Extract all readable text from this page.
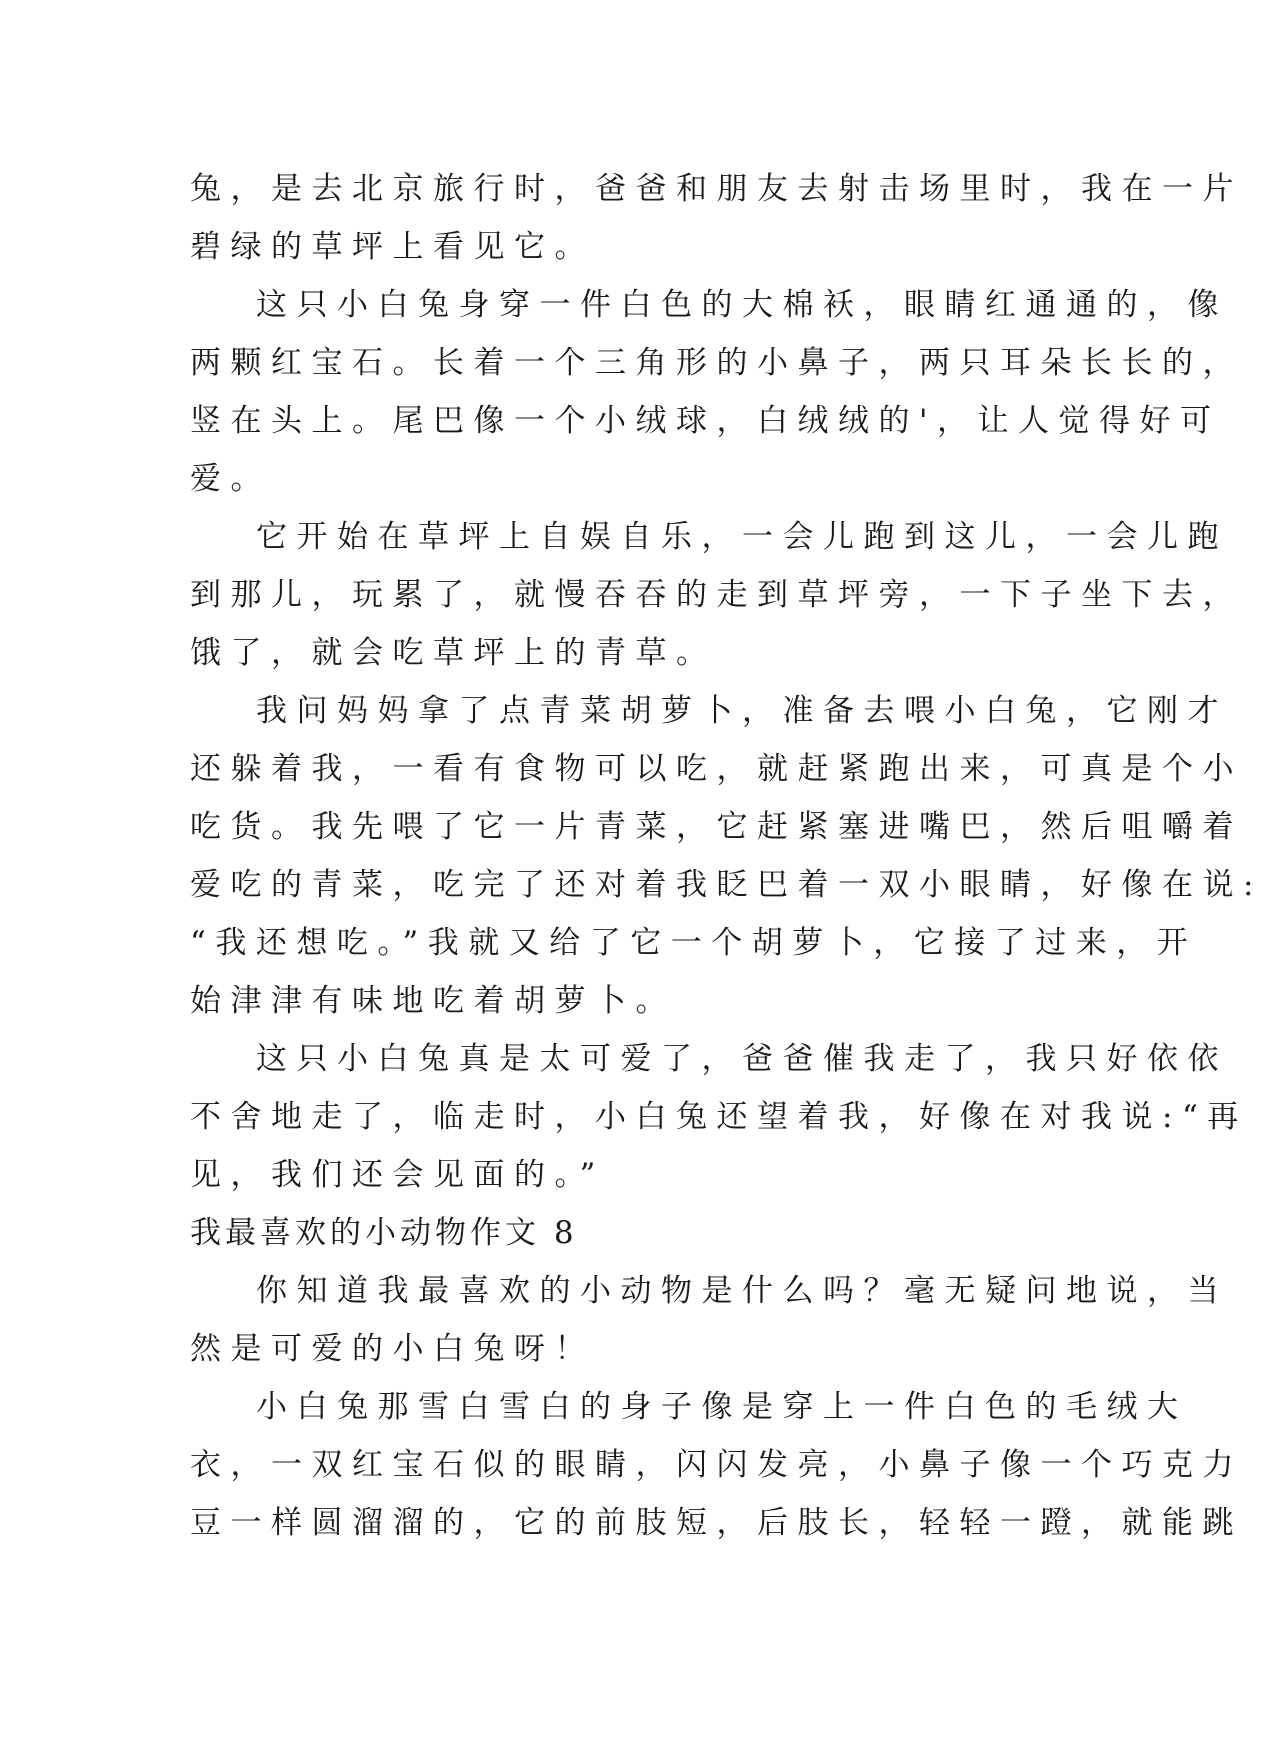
兔，是去北京旅行时，爸爸和朋友去射击场里时，我在一片
碧绿的草坪上看见它。
这只小白兔身穿一件白色的大棉袄，眼睛红通通的，像
两颗红宝石。长着一个三角形的小鼻子，两只耳朵长长的，
竖在头上。尾巴像一个小绒球，白绒绒的'，让人觉得好可
爱。
它开始在草坪上自娱自乐，一会儿跑到这儿，一会儿跑
到那儿，玩累了，就慢吞吞的走到草坪旁，一下子坐下去，
饿了，就会吃草坪上的青草。
我问妈妈拿了点青菜胡萝卜，准备去喂小白兔，它刚才
还躲着我，一看有食物可以吃，就赶紧跑出来，可真是个小
吃货。我先喂了它一片青菜，它赶紧塞进嘴巴，然后咀嚼着
爱吃的青菜，吃完了还对着我眨巴着一双小眼睛，好像在说:
“我还想吃。”我就又给了它一个胡萝卜，它接了过来，开
始津津有味地吃着胡萝卜。
这只小白兔真是太可爱了，爸爸催我走了，我只好依依
不舍地走了，临走时，小白兔还望着我，好像在对我说:“再
见，我们还会见面的。”
我最喜欢的小动物作文 8
你知道我最喜欢的小动物是什么吗？毫无疑问地说，当
然是可爱的小白兔呀！
小白兔那雪白雪白的身子像是穿上一件白色的毛绒大
衣，一双红宝石似的眼睛，闪闪发亮，小鼻子像一个巧克力
豆一样圆溜溜的，它的前肢短，后肢长，轻轻一蹬，就能跳
